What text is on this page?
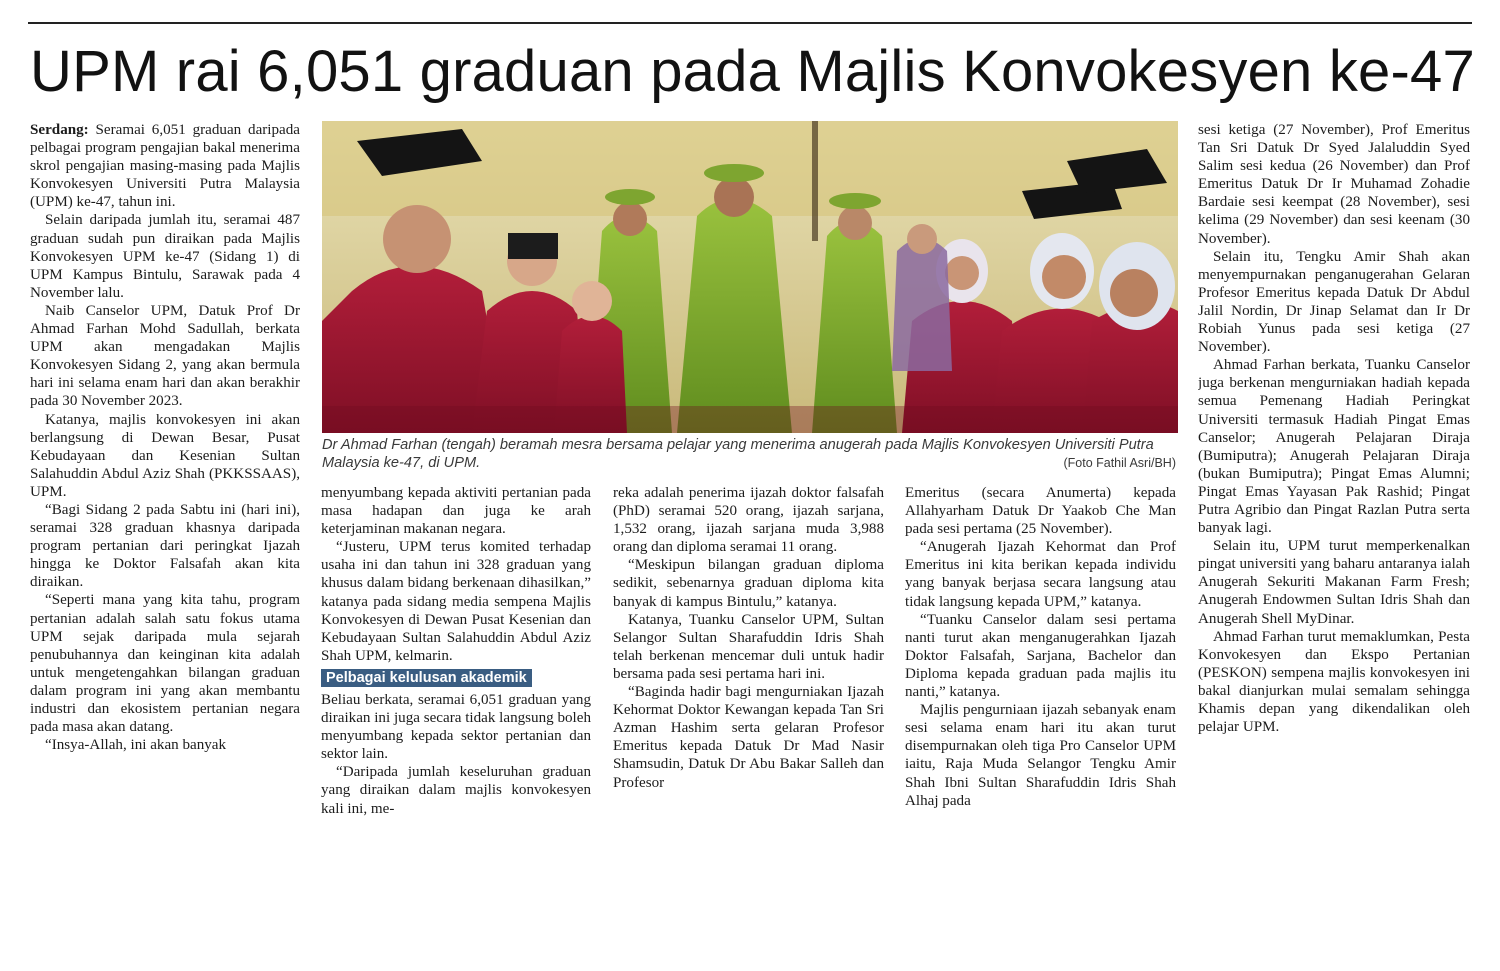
UPM rai 6,051 graduan pada Majlis Konvokesyen ke-47

Serdang: Seramai 6,051 graduan daripada pelbagai program pengajian bakal menerima skrol pengajian masing-masing pada Majlis Konvokesyen Universiti Putra Malaysia (UPM) ke-47, tahun ini.

Selain daripada jumlah itu, seramai 487 graduan sudah pun diraikan pada Majlis Konvokesyen UPM ke-47 (Sidang 1) di UPM Kampus Bintulu, Sarawak pada 4 November lalu.

Naib Canselor UPM, Datuk Prof Dr Ahmad Farhan Mohd Sadullah, berkata UPM akan mengadakan Majlis Konvokesyen Sidang 2, yang akan bermula hari ini selama enam hari dan akan berakhir pada 30 November 2023.

Katanya, majlis konvokesyen ini akan berlangsung di Dewan Besar, Pusat Kebudayaan dan Kesenian Sultan Salahuddin Abdul Aziz Shah (PKKSSAAS), UPM.

“Bagi Sidang 2 pada Sabtu ini (hari ini), seramai 328 graduan khasnya daripada program pertanian dari peringkat Ijazah hingga ke Doktor Falsafah akan kita diraikan.

“Seperti mana yang kita tahu, program pertanian adalah salah satu fokus utama UPM sejak daripada mula sejarah penubuhannya dan keinginan kita adalah untuk mengetengahkan bilangan graduan dalam program ini yang akan membantu industri dan ekosistem pertanian negara pada masa akan datang.

“Insya-Allah, ini akan banyak

Dr Ahmad Farhan (tengah) beramah mesra bersama pelajar yang menerima anugerah pada Majlis Konvokesyen Universiti Putra Malaysia ke-47, di UPM.	(Foto Fathil Asri/BH)

menyumbang kepada aktiviti pertanian pada masa hadapan dan juga ke arah keterjaminan makanan negara.

“Justeru, UPM terus komited terhadap usaha ini dan tahun ini 328 graduan yang khusus dalam bidang berkenaan dihasilkan,” katanya pada sidang media sempena Majlis Konvokesyen di Dewan Pusat Kesenian dan Kebudayaan Sultan Salahuddin Abdul Aziz Shah UPM, kelmarin.

Pelbagai kelulusan akademik

Beliau berkata, seramai 6,051 graduan yang diraikan ini juga secara tidak langsung boleh menyumbang kepada sektor pertanian dan sektor lain.

“Daripada jumlah keseluruhan graduan yang diraikan dalam majlis konvokesyen kali ini, me-

reka adalah penerima ijazah doktor falsafah (PhD) seramai 520 orang, ijazah sarjana, 1,532 orang, ijazah sarjana muda 3,988 orang dan diploma seramai 11 orang.

“Meskipun bilangan graduan diploma sedikit, sebenarnya graduan diploma kita banyak di kampus Bintulu,” katanya.

Katanya, Tuanku Canselor UPM, Sultan Selangor Sultan Sharafuddin Idris Shah telah berkenan mencemar duli untuk hadir bersama pada sesi pertama hari ini.

“Baginda hadir bagi mengurniakan Ijazah Kehormat Doktor Kewangan kepada Tan Sri Azman Hashim serta gelaran Profesor Emeritus kepada Datuk Dr Mad Nasir Shamsudin, Datuk Dr Abu Bakar Salleh dan Profesor

Emeritus (secara Anumerta) kepada Allahyarham Datuk Dr Yaakob Che Man pada sesi pertama (25 November).

“Anugerah Ijazah Kehormat dan Prof Emeritus ini kita berikan kepada individu yang banyak berjasa secara langsung atau tidak langsung kepada UPM,” katanya.

“Tuanku Canselor dalam sesi pertama nanti turut akan menganugerahkan Ijazah Doktor Falsafah, Sarjana, Bachelor dan Diploma kepada graduan pada majlis itu nanti,” katanya.

Majlis pengurniaan ijazah sebanyak enam sesi selama enam hari itu akan turut disempurnakan oleh tiga Pro Canselor UPM iaitu, Raja Muda Selangor Tengku Amir Shah Ibni Sultan Sharafuddin Idris Shah Alhaj pada

sesi ketiga (27 November), Prof Emeritus Tan Sri Datuk Dr Syed Jalaluddin Syed Salim sesi kedua (26 November) dan Prof Emeritus Datuk Dr Ir Muhamad Zohadie Bardaie sesi keempat (28 November), sesi kelima (29 November) dan sesi keenam (30 November).

Selain itu, Tengku Amir Shah akan menyempurnakan penganugerahan Gelaran Profesor Emeritus kepada Datuk Dr Abdul Jalil Nordin, Dr Jinap Selamat dan Ir Dr Robiah Yunus pada sesi ketiga (27 November).

Ahmad Farhan berkata, Tuanku Canselor juga berkenan mengurniakan hadiah kepada semua Pemenang Hadiah Peringkat Universiti termasuk Hadiah Pingat Emas Canselor; Anugerah Pelajaran Diraja (Bumiputra); Anugerah Pelajaran Diraja (bukan Bumiputra); Pingat Emas Alumni; Pingat Emas Yayasan Pak Rashid; Pingat Putra Agribio dan Pingat Razlan Putra serta banyak lagi.

Selain itu, UPM turut memperkenalkan pingat universiti yang baharu antaranya ialah Anugerah Sekuriti Makanan Farm Fresh; Anugerah Endowmen Sultan Idris Shah dan Anugerah Shell MyDinar.

Ahmad Farhan turut memaklumkan, Pesta Konvokesyen dan Ekspo Pertanian (PESKON) sempena majlis konvokesyen ini bakal dianjurkan mulai semalam sehingga Khamis depan yang dikendalikan oleh pelajar UPM.
